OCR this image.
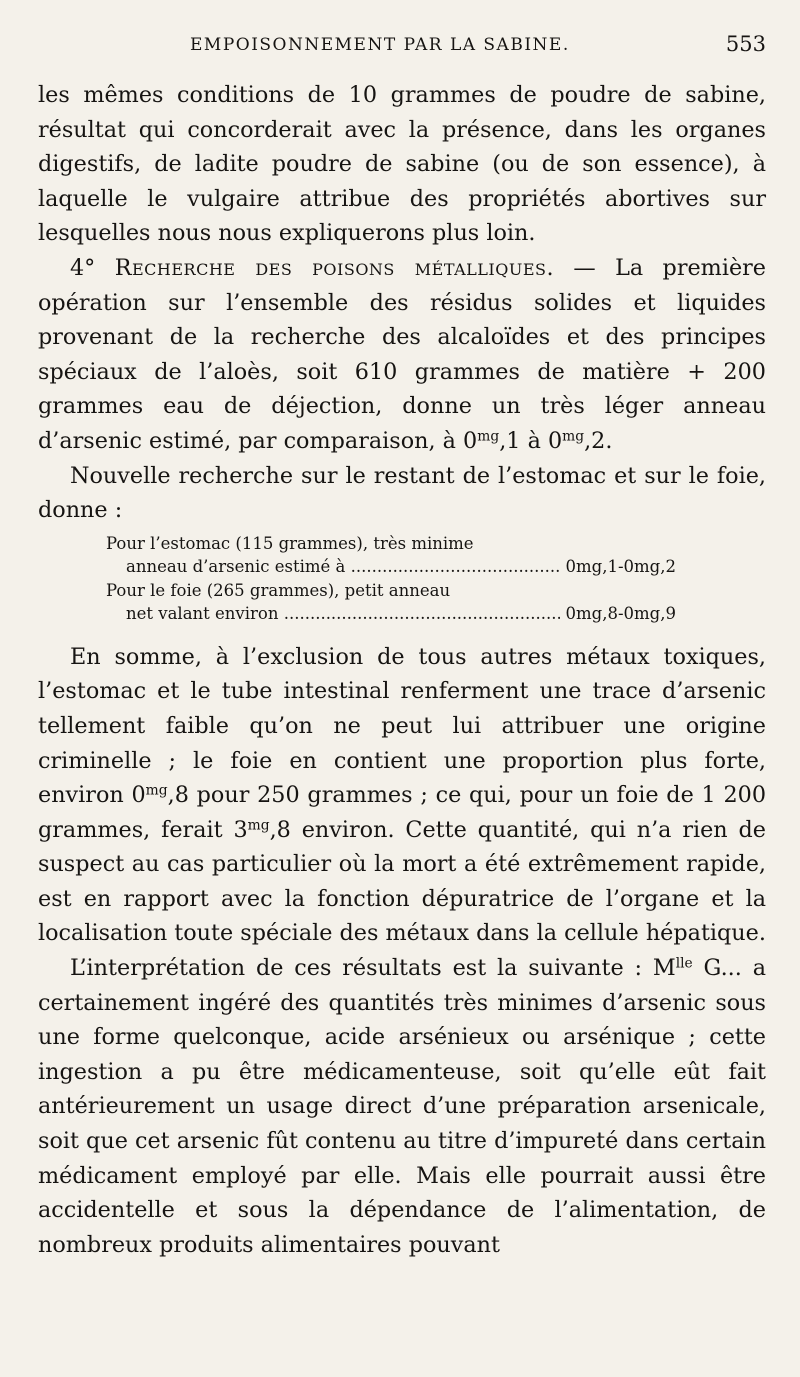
EMPOISONNEMENT PAR LA SABINE.	553

les mêmes conditions de 10 grammes de poudre de sabine, résultat qui concorderait avec la présence, dans les organes digestifs, de ladite poudre de sabine (ou de son essence), à laquelle le vulgaire attribue des propriétés abortives sur lesquelles nous nous expliquerons plus loin.

4° Recherche des poisons métalliques. — La première opération sur l’ensemble des résidus solides et liquides provenant de la recherche des alcaloïdes et des principes spéciaux de l’aloès, soit 610 grammes de matière + 200 grammes eau de déjection, donne un très léger anneau d’arsenic estimé, par comparaison, à $0^{mg},1$ à $0^{mg},2$.

Nouvelle recherche sur le restant de l’estomac et sur le foie, donne :

Pour l’estomac (115 grammes), très minime
anneau d’arsenic estimé à .....	0mg,1-0mg,2
Pour le foie (265 grammes), petit anneau
net valant environ .....	0mg,8-0mg,9

En somme, à l’exclusion de tous autres métaux toxiques, l’estomac et le tube intestinal renferment une trace d’arsenic tellement faible qu’on ne peut lui attribuer une origine criminelle ; le foie en contient une proportion plus forte, environ $0^{mg},8$ pour 250 grammes ; ce qui, pour un foie de 1 200 grammes, ferait $3^{mg},8$ environ. Cette quantité, qui n’a rien de suspect au cas particulier où la mort a été extrêmement rapide, est en rapport avec la fonction dépuratrice de l’organe et la localisation toute spéciale des métaux dans la cellule hépatique.

L’interprétation de ces résultats est la suivante : $M^{lle}$ G... a certainement ingéré des quantités très minimes d’arsenic sous une forme quelconque, acide arsénieux ou arsénique ; cette ingestion a pu être médicamenteuse, soit qu’elle eût fait antérieurement un usage direct d’une préparation arsenicale, soit que cet arsenic fût contenu au titre d’impureté dans certain médicament employé par elle. Mais elle pourrait aussi être accidentelle et sous la dépendance de l’alimentation, de nombreux produits alimentaires pouvant
